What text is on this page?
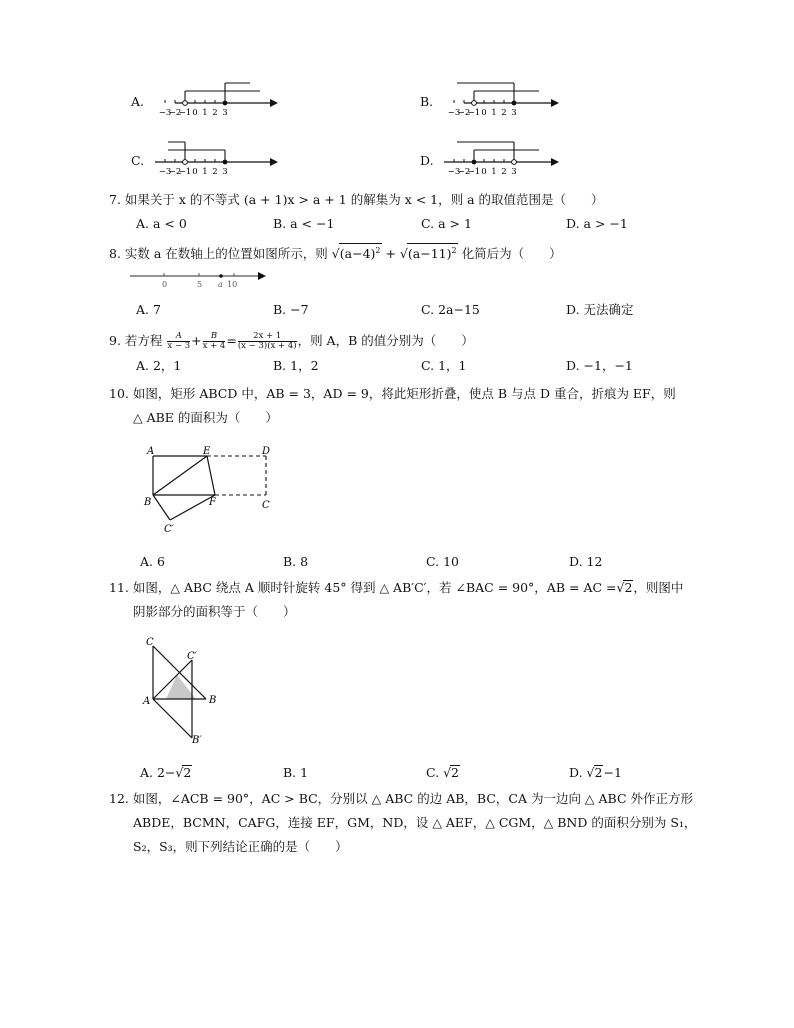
A.
−3
−2
−1 0 1 2 3
B.
−3
−2
−1 0 1 2 3
C.
−3
−2
−1 0 1 2 3
D.
−3
−2
−1 0 1 2 3
7. 如果关于 x 的不等式 (a + 1)x > a + 1 的解集为 x < 1，则 a 的取值范围是（　　）
A. a < 0	B. a < −1	C. a > 1	D. a > −1
8. 实数 a 在数轴上的位置如图所示，则 $√(a-4)^2 + √(a-11)^2$ 化简后为（　　）
0	5 a 10
A. 7	B. −7	C. 2a−15	D. 无法确定
9. 若方程 $\frac{A}{x - 3} + \frac{B}{x + 4} = \frac{2x + 1}{(x - 3)(x + 4)}$ ，则 A，B 的值分别为（　　）
A. 2，1	B. 1，2	C. 1，1	D. −1，−1
10. 如图，矩形 ABCD 中，AB = 3，AD = 9，将此矩形折叠，使点 B 与点 D 重合，折痕为 EF，则
△ ABE 的面积为（　　）
A	E	D
B	F	C
C′
A. 6	B. 8	C. 10	D. 12
11. 如图，△ ABC 绕点 A 顺时针旋转 45° 得到 △ AB′C′，若 ∠BAC = 90°，AB = AC =√2，则图中
阴影部分的面积等于（　　）
C
C′
A	B
B′
A. 2−√2	B. 1	C. √2	D. √2−1
12. 如图，∠ACB = 90°，AC > BC，分别以 △ ABC 的边 AB，BC，CA 为一边向 △ ABC 外作正方形
ABDE，BCMN，CAFG，连接 EF，GM，ND，设 △ AEF，△ CGM，△ BND 的面积分别为 S₁，
S₂，S₃，则下列结论正确的是（　　）
